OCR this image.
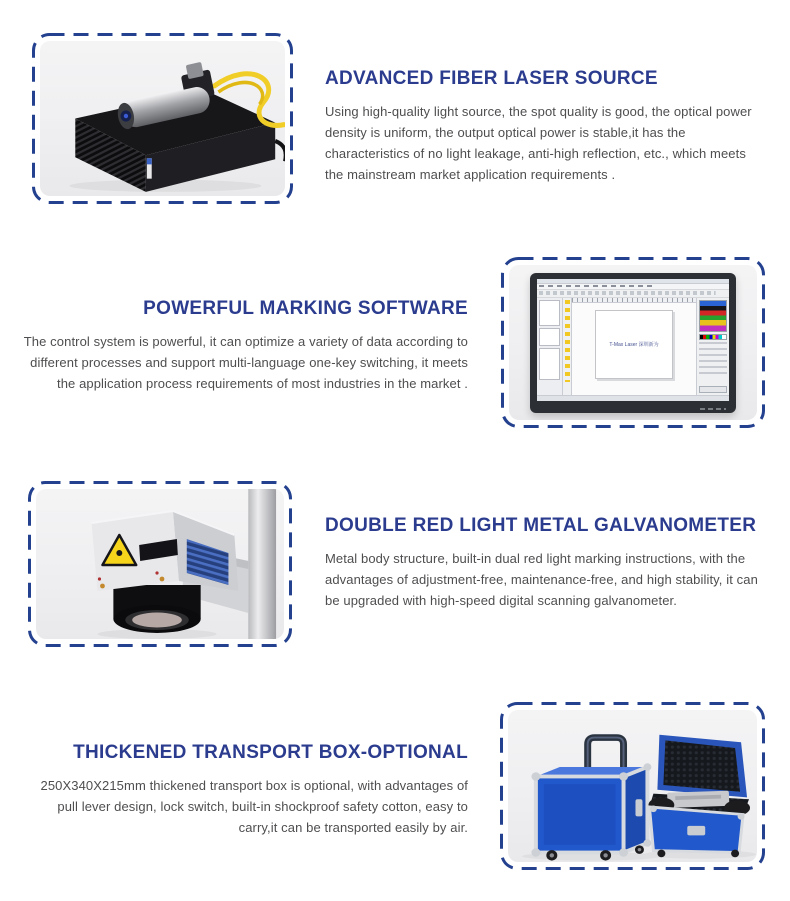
ADVANCED FIBER LASER SOURCE

Using high-quality light source, the spot quality is good, the optical power density is uniform, the output optical power is stable,it has the characteristics of no light leakage, anti-high reflection, etc., which meets the mainstream market application requirements .

POWERFUL MARKING SOFTWARE

The control system is powerful, it can optimize a variety of data according to different processes and support multi-language one-key switching, it meets the application process requirements of most industries in the market .

T-Max Laser 深圳新为
DOUBLE RED LIGHT METAL GALVANOMETER

Metal body structure, built-in dual red light marking instructions, with the advantages of adjustment-free, maintenance-free, and high stability, it can be upgraded with high-speed digital scanning galvanometer.

THICKENED TRANSPORT BOX-OPTIONAL

250X340X215mm thickened transport box is optional, with advantages of pull lever design, lock switch, built-in shockproof safety cotton, easy to carry,it can be transported easily by air.
